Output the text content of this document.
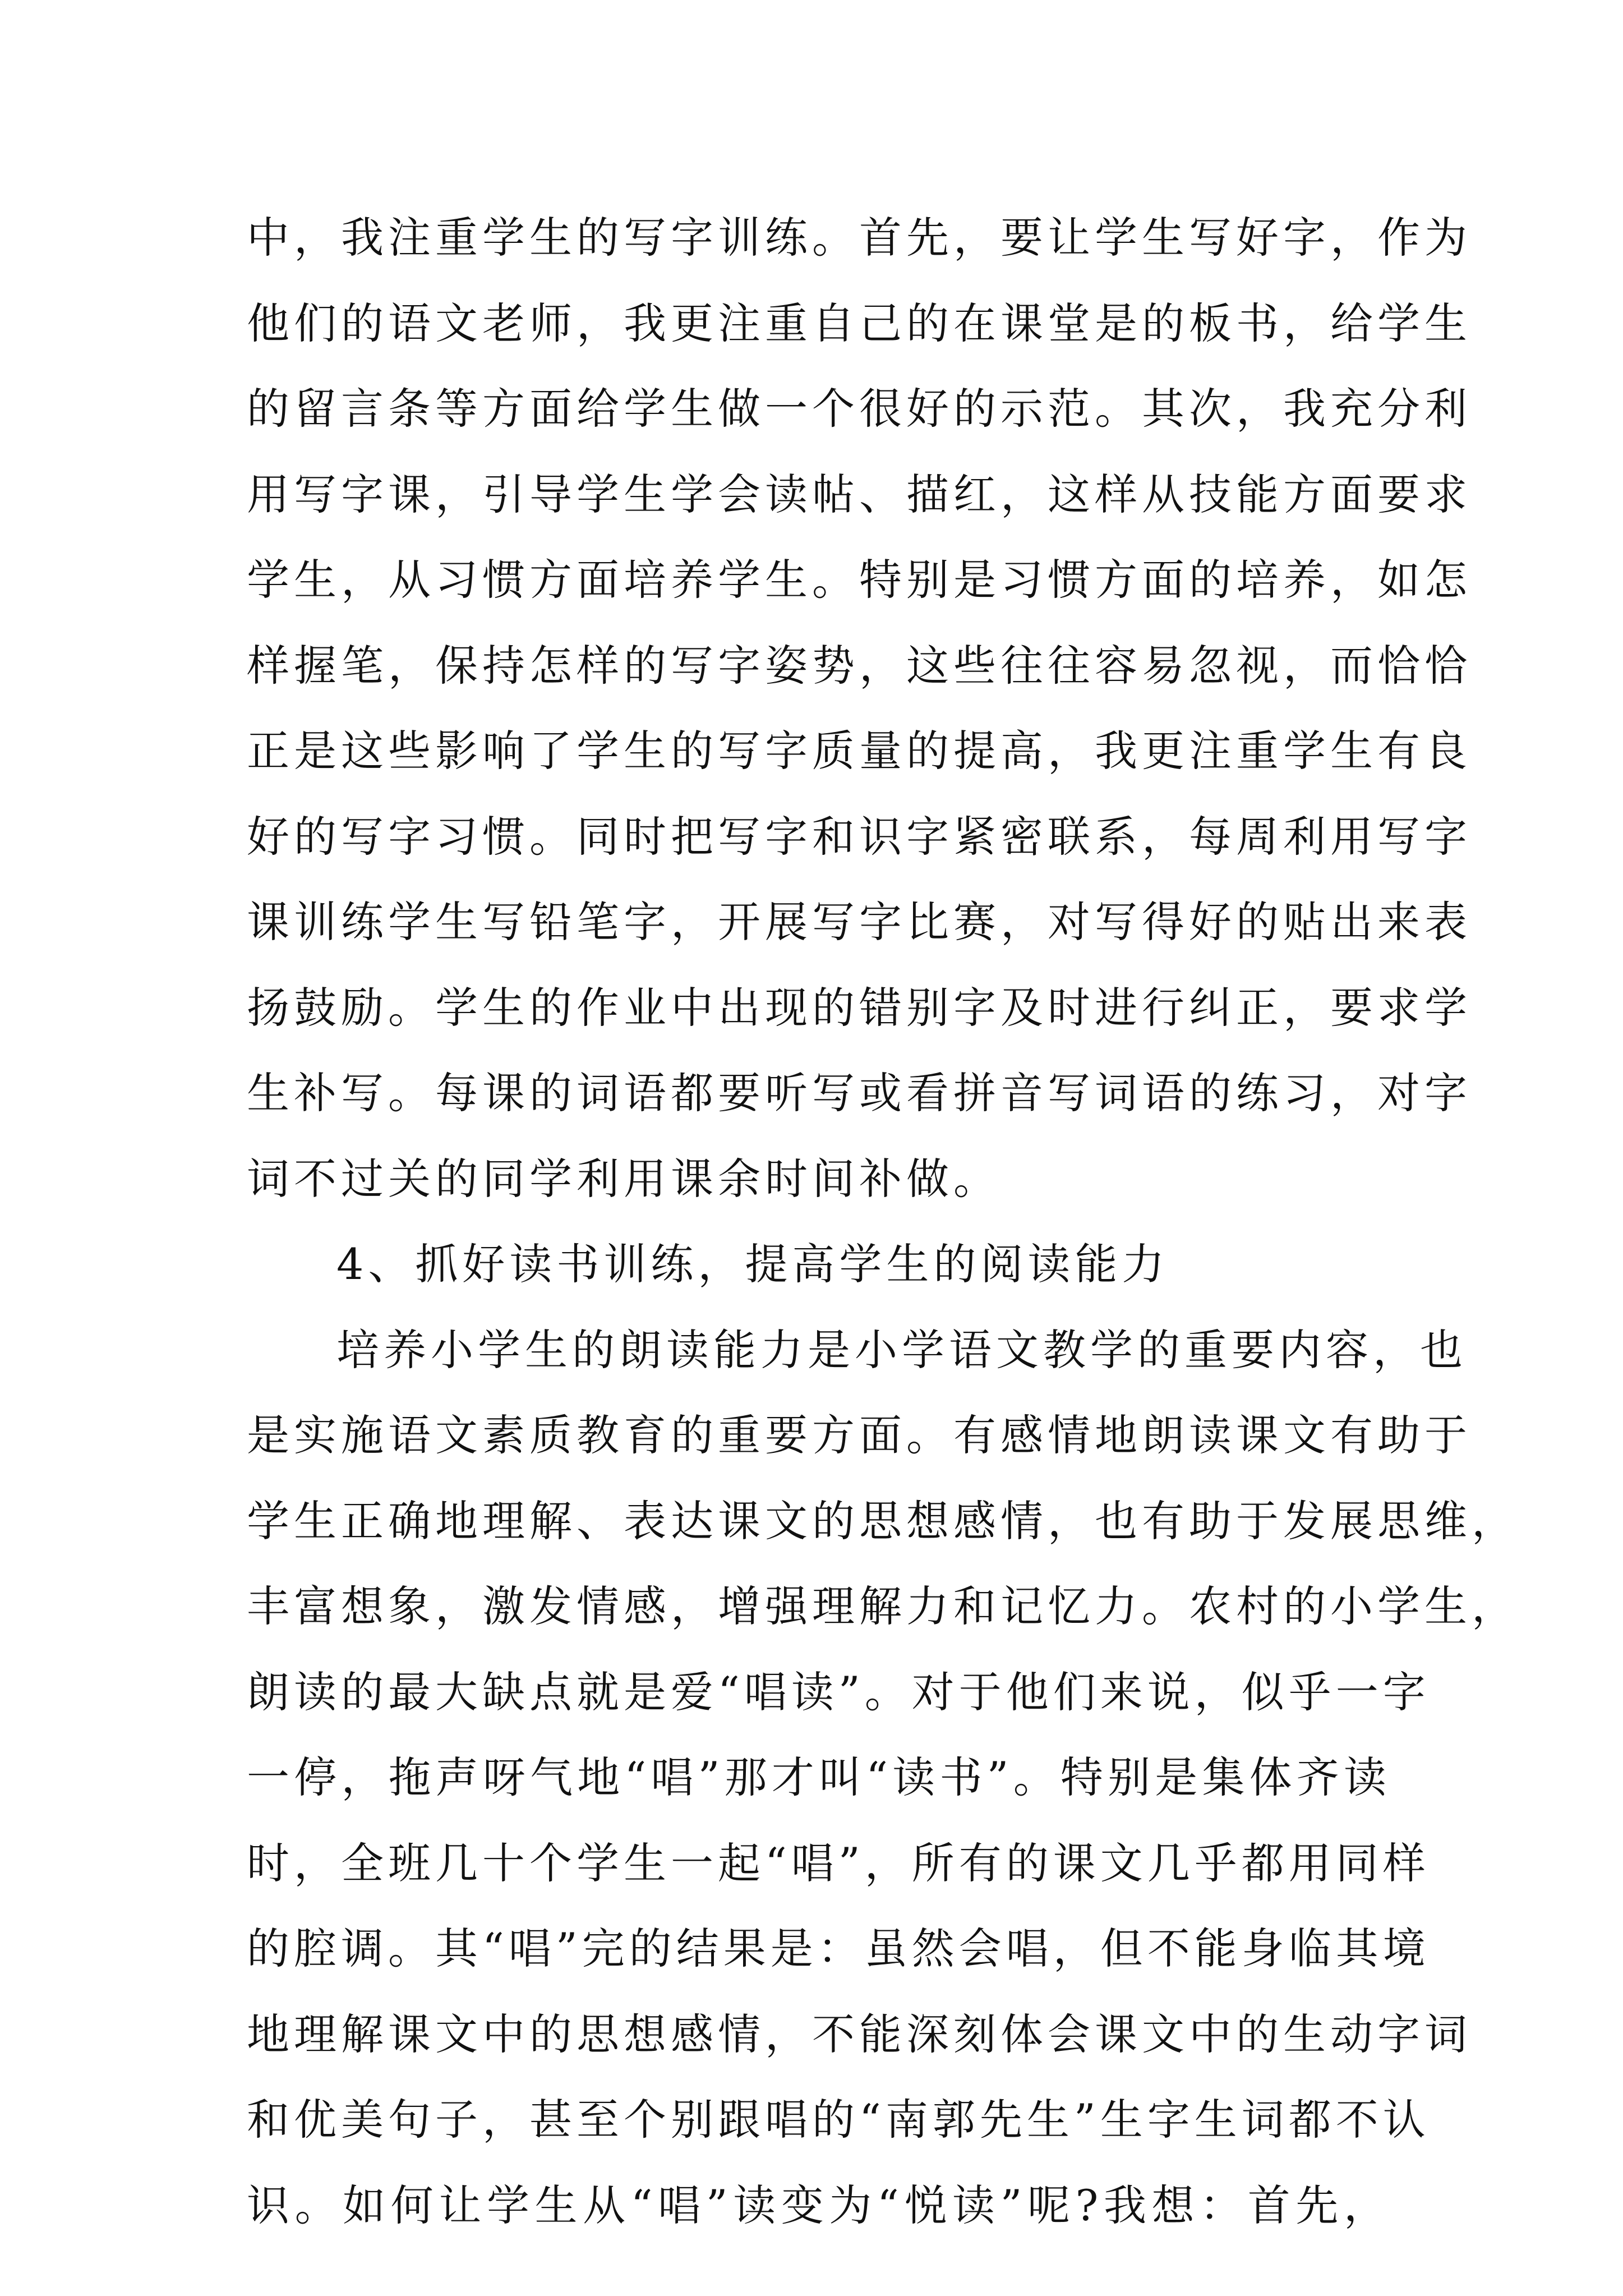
中，我注重学生的写字训练。首先，要让学生写好字，作为
他们的语文老师，我更注重自己的在课堂是的板书，给学生
的留言条等方面给学生做一个很好的示范。其次，我充分利
用写字课，引导学生学会读帖、描红，这样从技能方面要求
学生，从习惯方面培养学生。特别是习惯方面的培养，如怎
样握笔，保持怎样的写字姿势，这些往往容易忽视，而恰恰
正是这些影响了学生的写字质量的提高，我更注重学生有良
好的写字习惯。同时把写字和识字紧密联系，每周利用写字
课训练学生写铅笔字，开展写字比赛，对写得好的贴出来表
扬鼓励。学生的作业中出现的错别字及时进行纠正，要求学
生补写。每课的词语都要听写或看拼音写词语的练习，对字
词不过关的同学利用课余时间补做。
4、抓好读书训练，提高学生的阅读能力
培养小学生的朗读能力是小学语文教学的重要内容，也
是实施语文素质教育的重要方面。有感情地朗读课文有助于
学生正确地理解、表达课文的思想感情，也有助于发展思维，
丰富想象，激发情感，增强理解力和记忆力。农村的小学生，
朗读的最大缺点就是爱“唱读”。对于他们来说，似乎一字
一停，拖声呀气地“唱”那才叫“读书”。特别是集体齐读
时，全班几十个学生一起“唱”，所有的课文几乎都用同样
的腔调。其“唱”完的结果是：虽然会唱，但不能身临其境
地理解课文中的思想感情，不能深刻体会课文中的生动字词
和优美句子，甚至个别跟唱的“南郭先生”生字生词都不认
识。如何让学生从“唱”读变为“悦读”呢?我想：首先，
